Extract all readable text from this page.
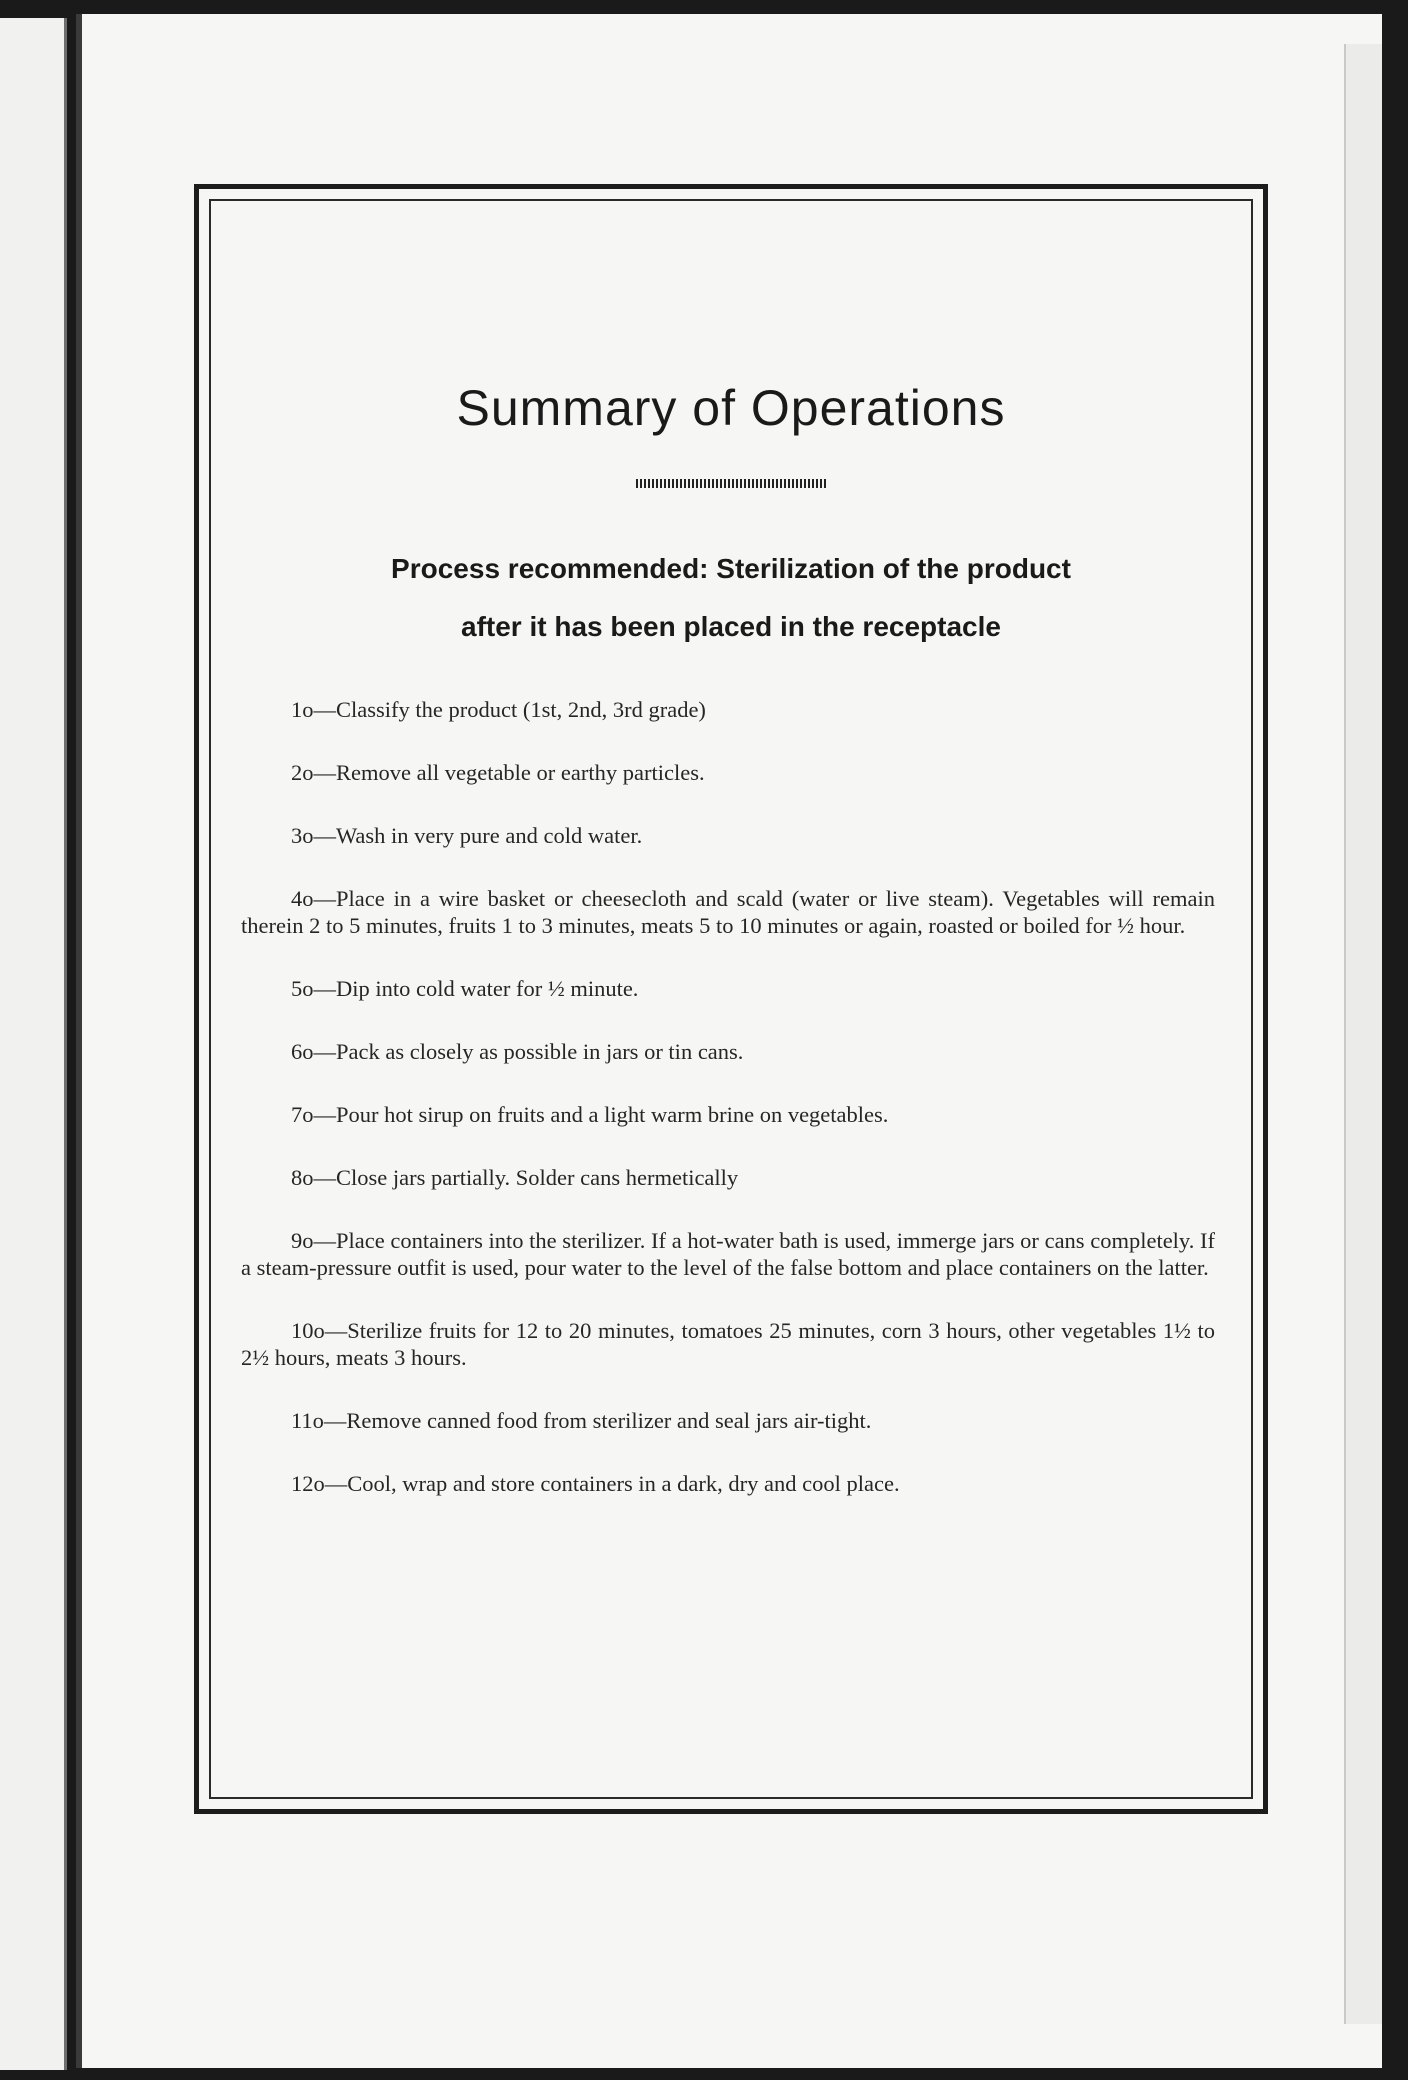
Summary of Operations
Process recommended: Sterilization of the product
after it has been placed in the receptacle
1o—Classify the product (1st, 2nd, 3rd grade)
2o—Remove all vegetable or earthy particles.
3o—Wash in very pure and cold water.
4o—Place in a wire basket or cheesecloth and scald (water or live steam). Vegetables will remain therein 2 to 5 minutes, fruits 1 to 3 minutes, meats 5 to 10 minutes or again, roasted or boiled for ½ hour.
5o—Dip into cold water for ½ minute.
6o—Pack as closely as possible in jars or tin cans.
7o—Pour hot sirup on fruits and a light warm brine on vegetables.
8o—Close jars partially. Solder cans hermetically
9o—Place containers into the sterilizer. If a hot-water bath is used, immerge jars or cans completely. If a steam-pressure outfit is used, pour water to the level of the false bottom and place containers on the latter.
10o—Sterilize fruits for 12 to 20 minutes, tomatoes 25 minutes, corn 3 hours, other vegetables 1½ to 2½ hours, meats 3 hours.
11o—Remove canned food from sterilizer and seal jars air-tight.
12o—Cool, wrap and store containers in a dark, dry and cool place.
